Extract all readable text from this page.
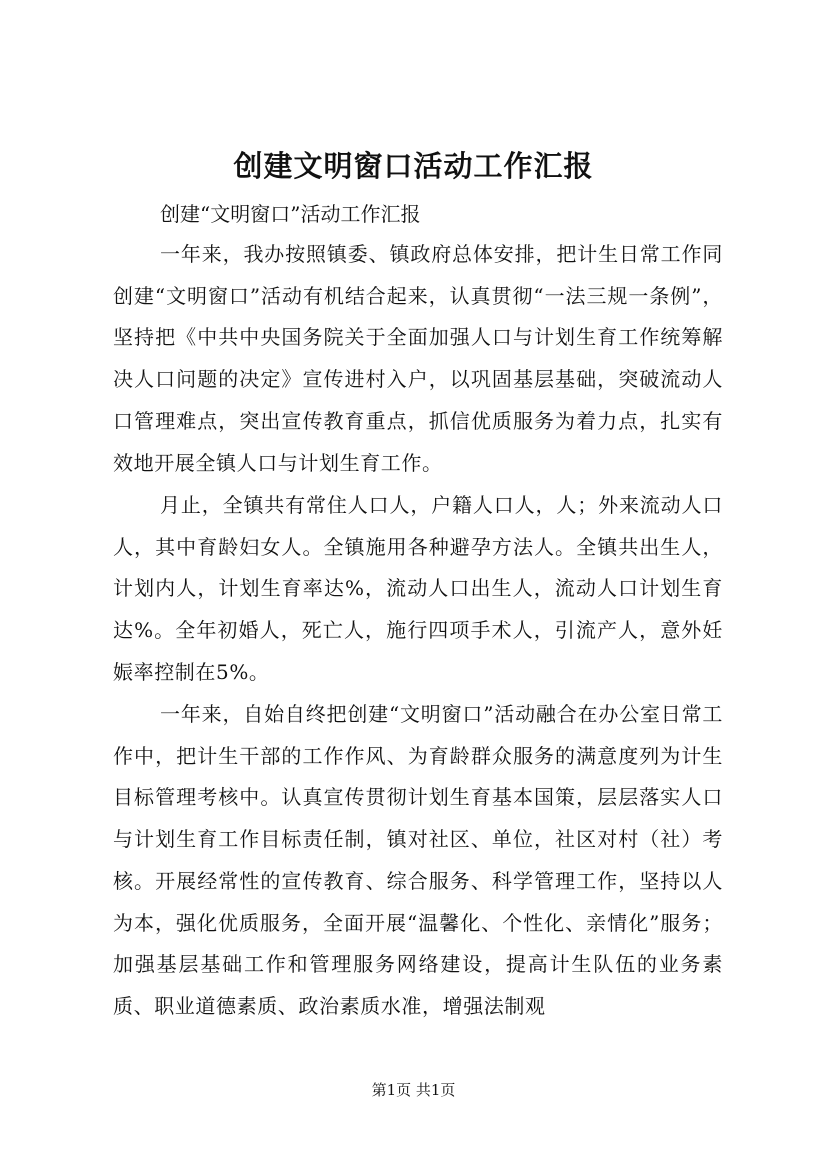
创建文明窗口活动工作汇报
创建“文明窗口”活动工作汇报

一年来，我办按照镇委、镇政府总体安排，把计生日常工作同创建“文明窗口”活动有机结合起来，认真贯彻“一法三规一条例”，坚持把《中共中央国务院关于全面加强人口与计划生育工作统筹解决人口问题的决定》宣传进村入户，以巩固基层基础，突破流动人口管理难点，突出宣传教育重点，抓信优质服务为着力点，扎实有效地开展全镇人口与计划生育工作。

月止，全镇共有常住人口人，户籍人口人，人；外来流动人口人，其中育龄妇女人。全镇施用各种避孕方法人。全镇共出生人，计划内人，计划生育率达%，流动人口出生人，流动人口计划生育达%。全年初婚人，死亡人，施行四项手术人，引流产人，意外妊娠率控制在5%。

一年来，自始自终把创建“文明窗口”活动融合在办公室日常工作中，把计生干部的工作作风、为育龄群众服务的满意度列为计生目标管理考核中。认真宣传贯彻计划生育基本国策，层层落实人口与计划生育工作目标责任制，镇对社区、单位，社区对村（社）考核。开展经常性的宣传教育、综合服务、科学管理工作，坚持以人为本，强化优质服务，全面开展“温馨化、个性化、亲情化”服务；加强基层基础工作和管理服务网络建设，提高计生队伍的业务素质、职业道德素质、政治素质水准，增强法制观

第1页 共1页
